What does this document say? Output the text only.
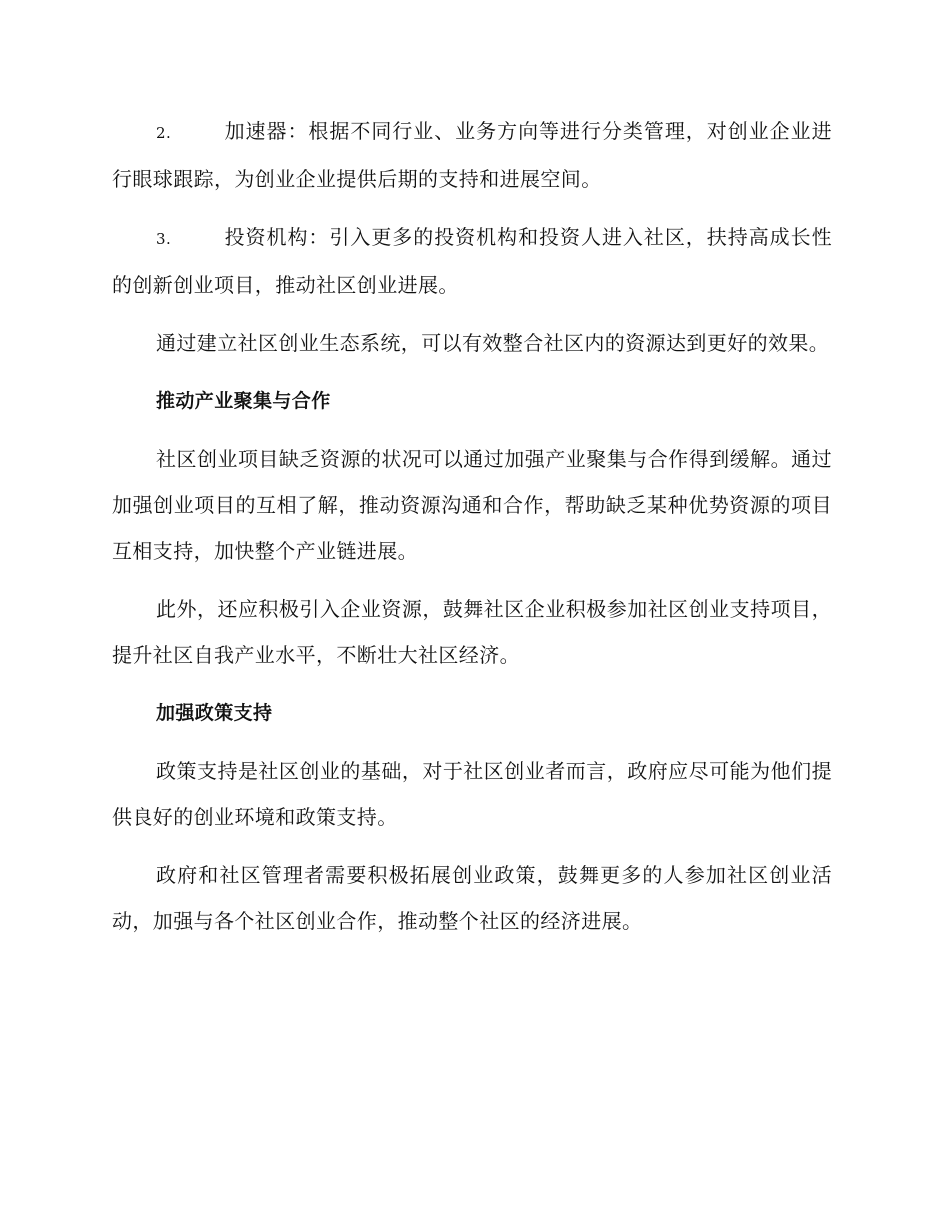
2.	加速器：根据不同行业、业务方向等进行分类管理，对创业企业进行眼球跟踪，为创业企业提供后期的支持和进展空间。

3.	投资机构：引入更多的投资机构和投资人进入社区，扶持高成长性的创新创业项目，推动社区创业进展。

通过建立社区创业生态系统，可以有效整合社区内的资源达到更好的效果。

推动产业聚集与合作

社区创业项目缺乏资源的状况可以通过加强产业聚集与合作得到缓解。通过加强创业项目的互相了解，推动资源沟通和合作，帮助缺乏某种优势资源的项目互相支持，加快整个产业链进展。

此外，还应积极引入企业资源，鼓舞社区企业积极参加社区创业支持项目，提升社区自我产业水平，不断壮大社区经济。

加强政策支持

政策支持是社区创业的基础，对于社区创业者而言，政府应尽可能为他们提供良好的创业环境和政策支持。

政府和社区管理者需要积极拓展创业政策，鼓舞更多的人参加社区创业活动，加强与各个社区创业合作，推动整个社区的经济进展。
